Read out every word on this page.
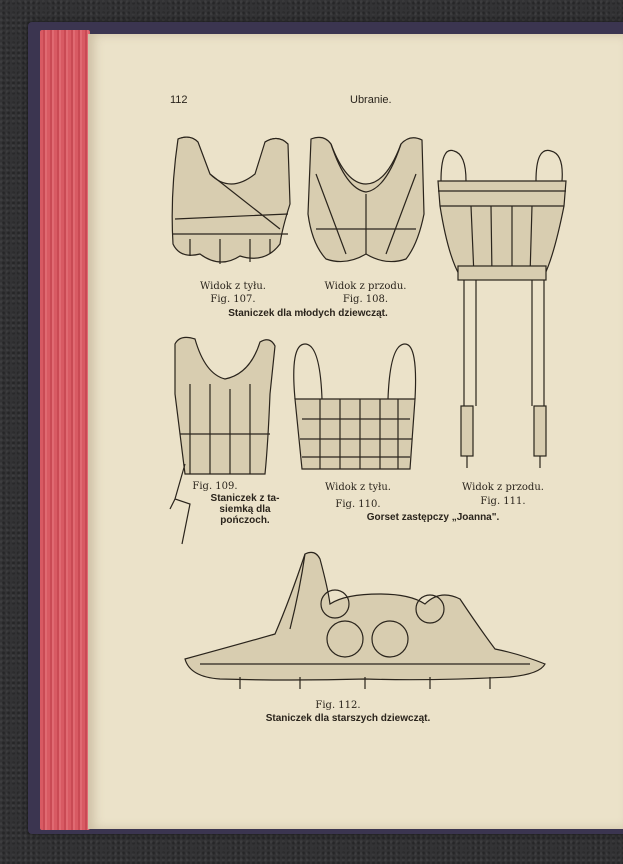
112	Ubranie.
Widok z tyłu.
Fig. 107.
Widok z przodu.
Fig. 108.
Staniczek dla młodych dziewcząt.
Fig. 109.
Staniczek z ta-
siemką dla
pończoch.
Widok z tyłu.
Fig. 110.
Widok z przodu.
Fig. 111.
Gorset zastępczy „Joanna".
Fig. 112.
Staniczek dla starszych dziewcząt.
